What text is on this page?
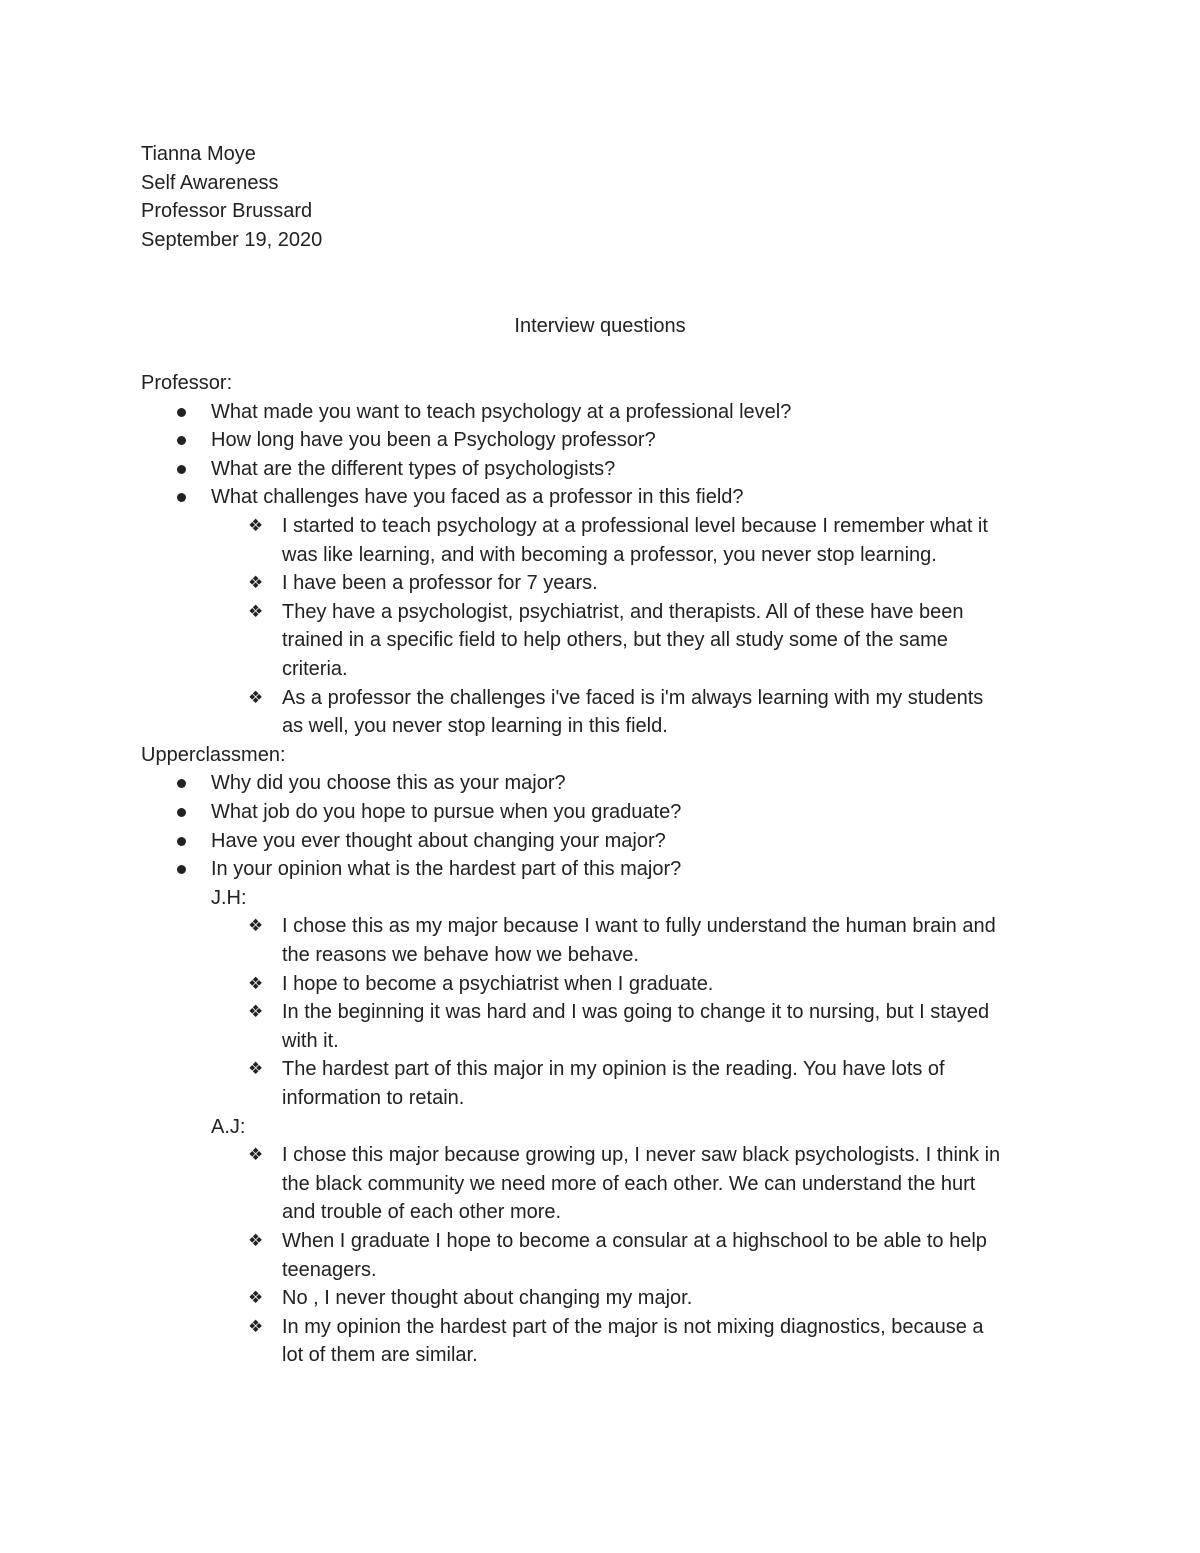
Tianna Moye
Self Awareness
Professor Brussard
September 19, 2020
Interview questions
Professor:
What made you want to teach psychology at a professional level?
How long have you been a Psychology professor?
What are the different types of psychologists?
What challenges have you faced as a professor in this field?
❖ I started to teach psychology at a professional level because I remember what it
was like learning, and with becoming a professor, you never stop learning.
❖ I have been a professor for 7 years.
❖ They have a psychologist, psychiatrist, and therapists. All of these have been
trained in a specific field to help others, but they all study some of the same
criteria.
❖ As a professor the challenges i've faced is i'm always learning with my students
as well, you never stop learning in this field.
Upperclassmen:
Why did you choose this as your major?
What job do you hope to pursue when you graduate?
Have you ever thought about changing your major?
In your opinion what is the hardest part of this major?
J.H:
❖ I chose this as my major because I want to fully understand the human brain and
the reasons we behave how we behave.
❖ I hope to become a psychiatrist when I graduate.
❖ In the beginning it was hard and I was going to change it to nursing, but I stayed
with it.
❖ The hardest part of this major in my opinion is the reading. You have lots of
information to retain.
A.J:
❖ I chose this major because growing up, I never saw black psychologists. I think in
the black community we need more of each other. We can understand the hurt
and trouble of each other more.
❖ When I graduate I hope to become a consular at a highschool to be able to help
teenagers.
❖ No , I never thought about changing my major.
❖ In my opinion the hardest part of the major is not mixing diagnostics, because a
lot of them are similar.
